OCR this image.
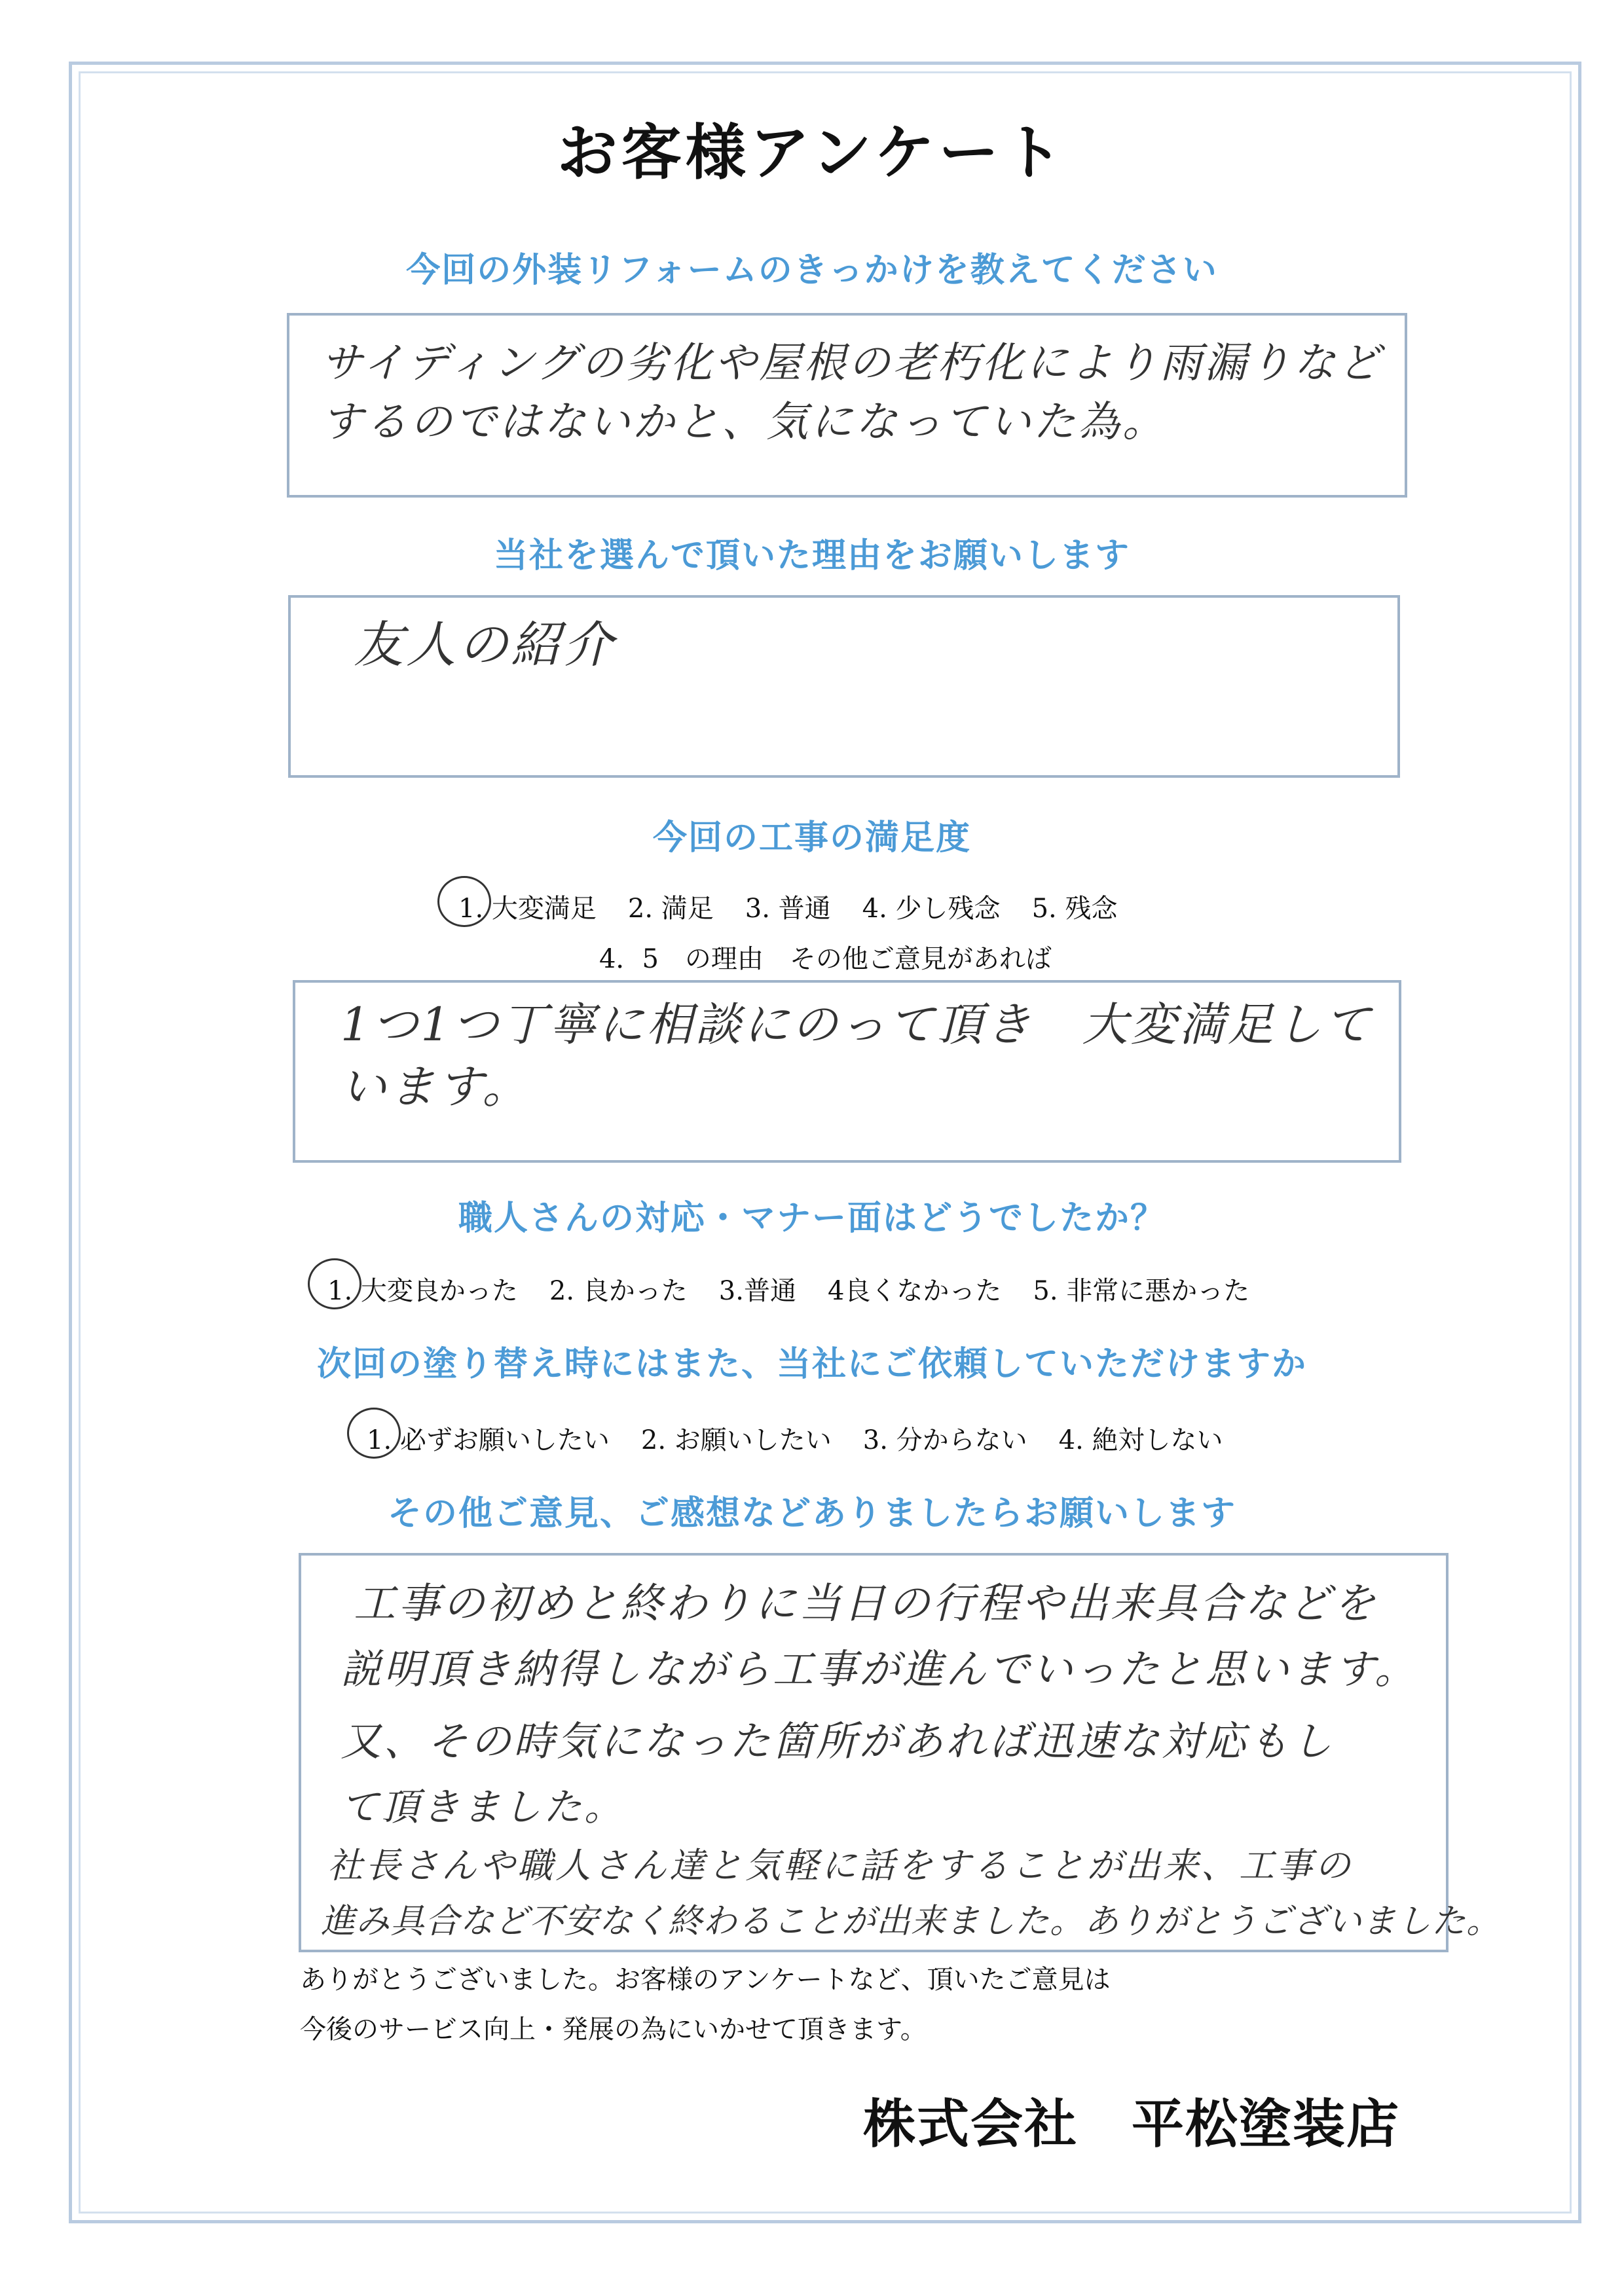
お客様アンケート
今回の外装リフォームのきっかけを教えてください
サイディングの劣化や屋根の老朽化により雨漏りなど
するのではないかと、気になっていた為。
当社を選んで頂いた理由をお願いします
友人の紹介
今回の工事の満足度
1. 大変満足 2. 満足 3. 普通 4. 少し残念 5. 残念
4．5　の理由　その他ご意見があれば
1つ1つ丁寧に相談にのって頂き　大変満足して
います。
職人さんの対応・マナー面はどうでしたか？
1. 大変良かった 2. 良かった 3.普通 4良くなかった 5. 非常に悪かった
次回の塗り替え時にはまた、当社にご依頼していただけますか
1. 必ずお願いしたい 2. お願いしたい 3. 分からない 4. 絶対しない
その他ご意見、ご感想などありましたらお願いします
工事の初めと終わりに当日の行程や出来具合などを
説明頂き納得しながら工事が進んでいったと思います。
又、その時気になった箇所があれば迅速な対応もし
て頂きました。
社長さんや職人さん達と気軽に話をすることが出来、工事の
進み具合など不安なく終わることが出来ました。ありがとうございました。
ありがとうございました。お客様のアンケートなど、頂いたご意見は
今後のサービス向上・発展の為にいかせて頂きます。
株式会社　平松塗装店
